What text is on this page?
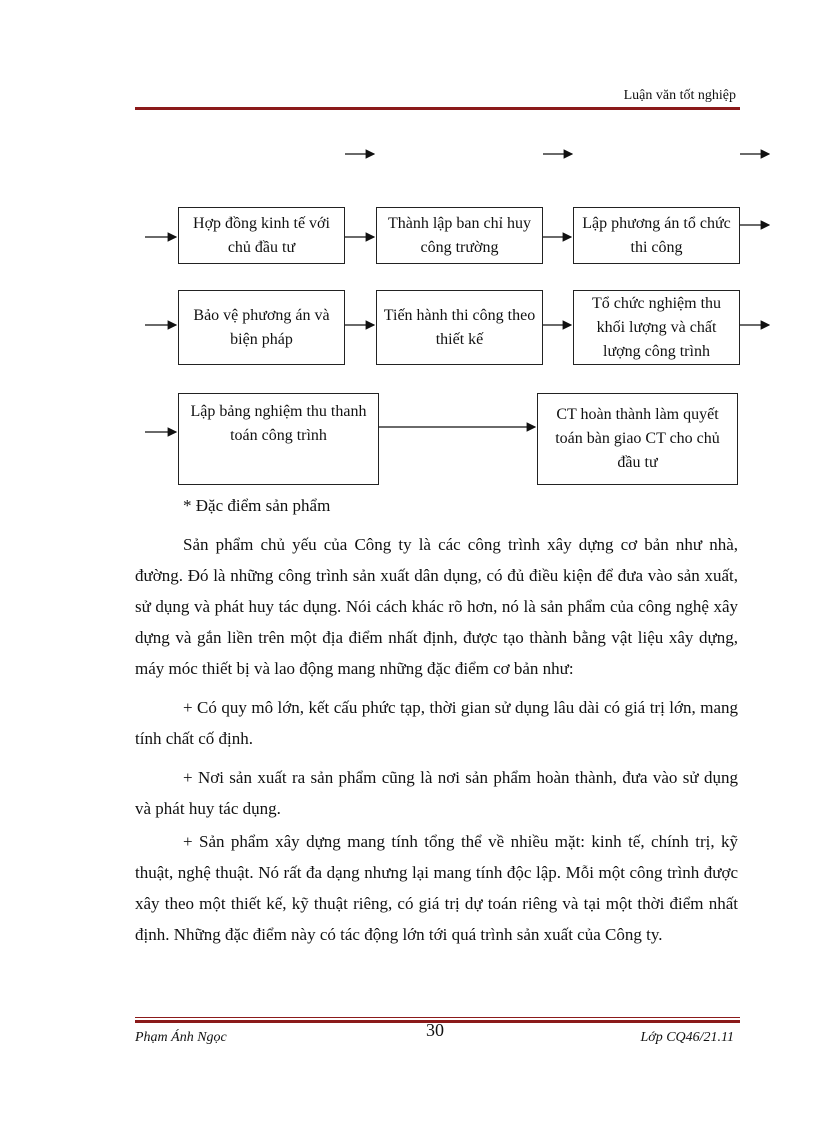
Luận văn tốt nghiệp
Hợp đồng kinh tế với chủ đầu tư
Thành lập ban chỉ huy công trường
Lập phương án tổ chức thi công
Bảo vệ phương án và biện pháp
Tiến hành thi công theo thiết kế
Tổ chức nghiệm thu khối lượng và chất lượng công trình
Lập bảng nghiệm thu thanh toán công trình
CT hoàn thành làm quyết toán bàn giao CT cho chủ đầu tư
* Đặc điểm sản phẩm

Sản phẩm chủ yếu của Công ty là các công trình xây dựng cơ bản như nhà, đường. Đó là những công trình sản xuất dân dụng, có đủ điều kiện để đưa vào sản xuất, sử dụng và phát huy tác dụng. Nói cách khác rõ hơn, nó là sản phẩm của công nghệ xây dựng và gắn liền trên một địa điểm nhất định, được tạo thành bằng vật liệu xây dựng, máy móc thiết bị và lao động mang những đặc điểm cơ bản như:

+ Có quy mô lớn, kết cấu phức tạp, thời gian sử dụng lâu dài có giá trị lớn, mang tính chất cố định.

+ Nơi sản xuất ra sản phẩm cũng là nơi sản phẩm hoàn thành, đưa vào sử dụng và phát huy tác dụng.

+ Sản phẩm xây dựng mang tính tổng thể về nhiều mặt: kinh tế, chính trị, kỹ thuật, nghệ thuật. Nó rất đa dạng nhưng lại mang tính độc lập. Mỗi một công trình được xây theo một thiết kế, kỹ thuật riêng, có giá trị dự toán riêng và tại một thời điểm nhất định. Những đặc điểm này có tác động lớn tới quá trình sản xuất của Công ty.

30
Phạm Ánh Ngọc	Lớp CQ46/21.11
